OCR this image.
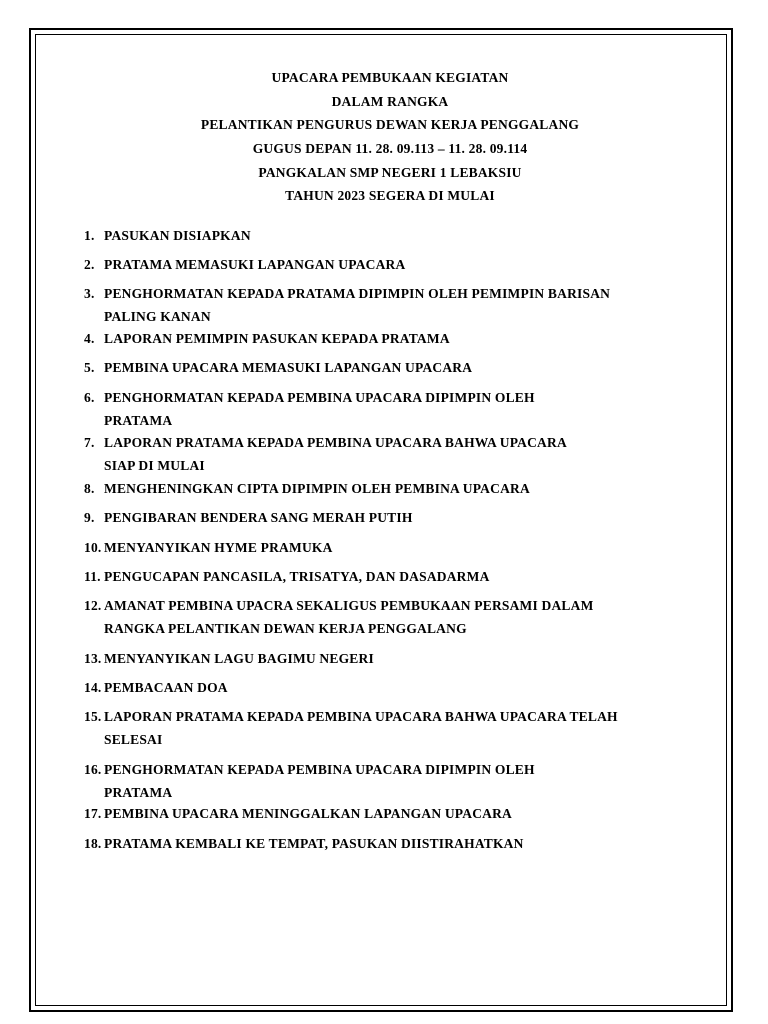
UPACARA PEMBUKAAN KEGIATAN
DALAM RANGKA
PELANTIKAN PENGURUS DEWAN KERJA PENGGALANG
GUGUS DEPAN 11. 28. 09.113 – 11. 28. 09.114
PANGKALAN SMP NEGERI 1 LEBAKSIU
TAHUN 2023 SEGERA DI MULAI
1. PASUKAN DISIAPKAN
2. PRATAMA MEMASUKI LAPANGAN UPACARA
3. PENGHORMATAN KEPADA PRATAMA DIPIMPIN OLEH PEMIMPIN BARISAN
PALING KANAN
4. LAPORAN PEMIMPIN PASUKAN KEPADA PRATAMA
5. PEMBINA UPACARA MEMASUKI LAPANGAN UPACARA
6. PENGHORMATAN KEPADA PEMBINA UPACARA DIPIMPIN OLEH
PRATAMA
7. LAPORAN PRATAMA KEPADA PEMBINA UPACARA BAHWA UPACARA
SIAP DI MULAI
8. MENGHENINGKAN CIPTA DIPIMPIN OLEH PEMBINA UPACARA
9. PENGIBARAN BENDERA SANG MERAH PUTIH
10. MENYANYIKAN HYME PRAMUKA
11. PENGUCAPAN PANCASILA, TRISATYA, DAN DASADARMA
12. AMANAT PEMBINA UPACRA SEKALIGUS PEMBUKAAN PERSAMI DALAM
RANGKA PELANTIKAN DEWAN KERJA PENGGALANG
13. MENYANYIKAN LAGU BAGIMU NEGERI
14. PEMBACAAN DOA
15. LAPORAN PRATAMA KEPADA PEMBINA UPACARA BAHWA UPACARA TELAH
SELESAI
16. PENGHORMATAN KEPADA PEMBINA UPACARA DIPIMPIN OLEH
PRATAMA
17. PEMBINA UPACARA MENINGGALKAN LAPANGAN UPACARA
18. PRATAMA KEMBALI KE TEMPAT, PASUKAN DIISTIRAHATKAN
